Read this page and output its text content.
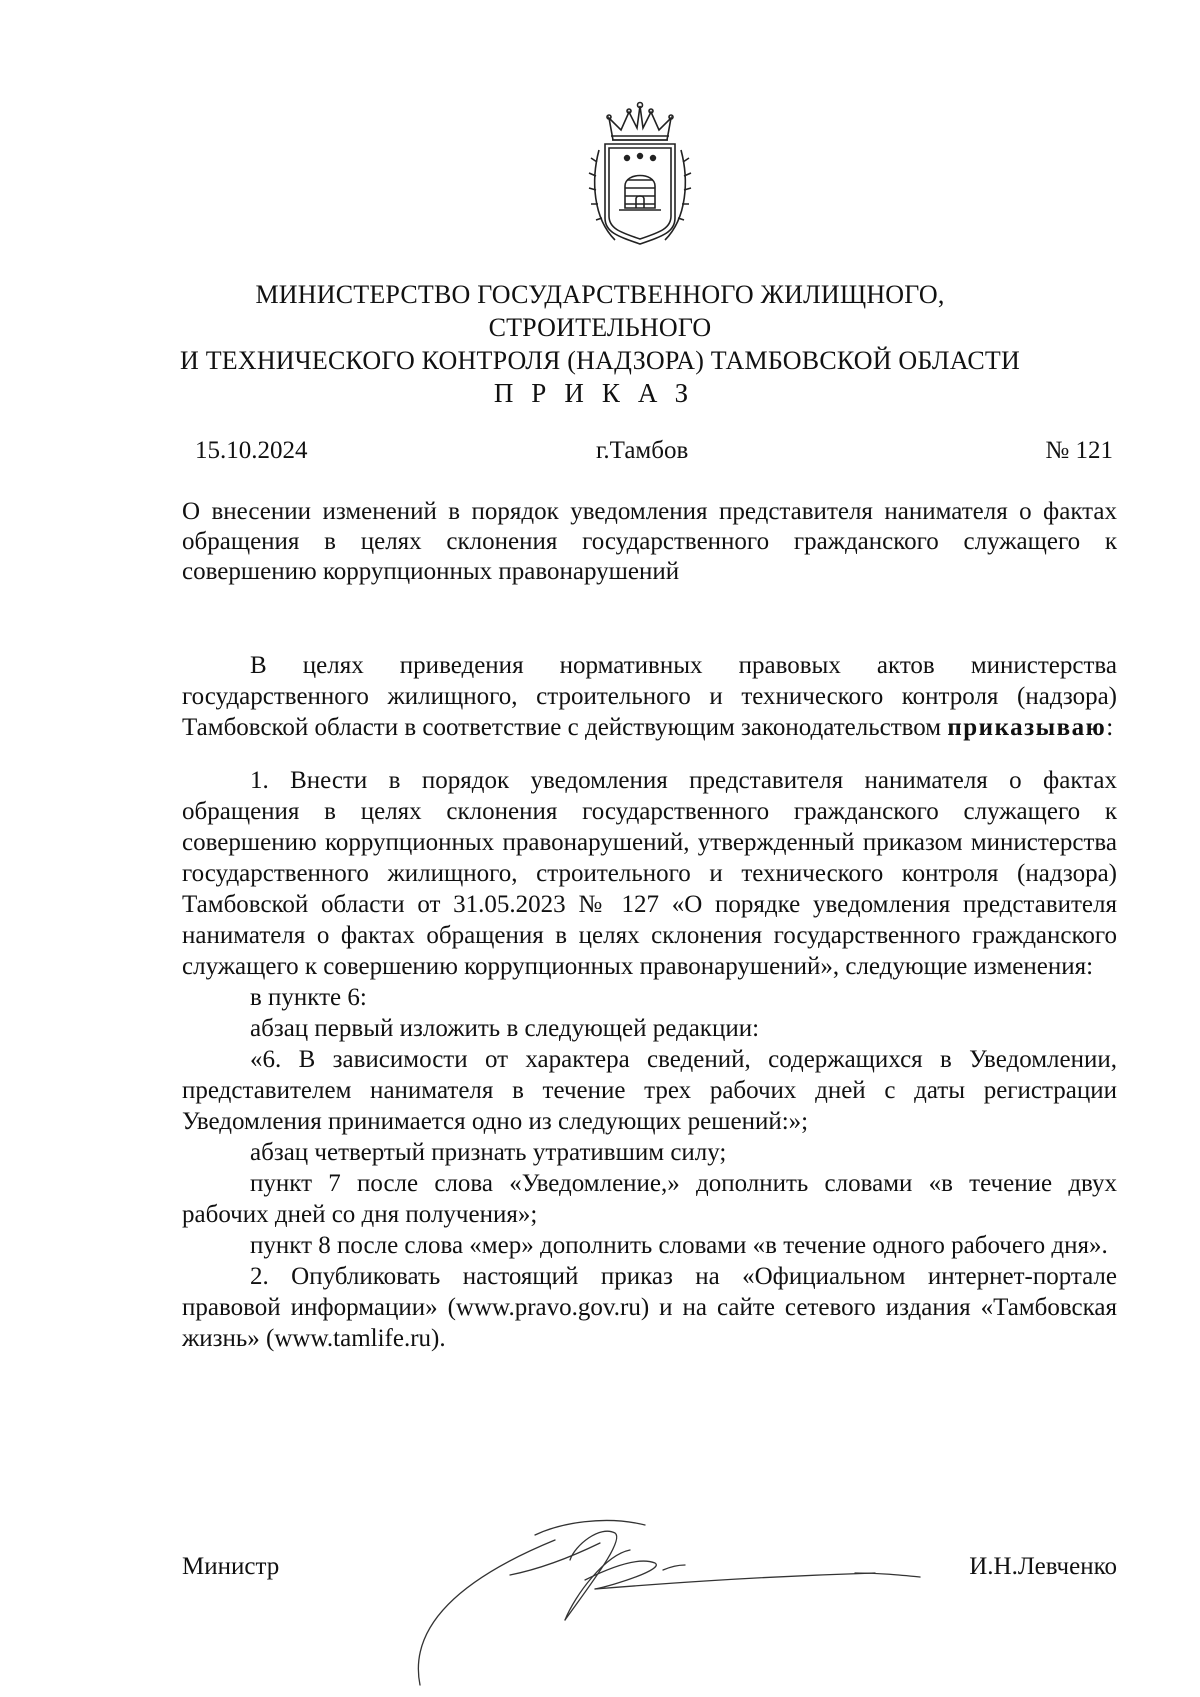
МИНИСТЕРСТВО ГОСУДАРСТВЕННОГО ЖИЛИЩНОГО, СТРОИТЕЛЬНОГО
И ТЕХНИЧЕСКОГО КОНТРОЛЯ (НАДЗОРА) ТАМБОВСКОЙ ОБЛАСТИ
ПРИКАЗ
15.10.2024	г.Тамбов	№ 121
О внесении изменений в порядок уведомления представителя нанимателя о фактах обращения в целях склонения государственного гражданского служащего к совершению коррупционных правонарушений

В целях приведения нормативных правовых актов министерства государственного жилищного, строительного и технического контроля (надзора) Тамбовской области в соответствие с действующим законодательством приказываю:

1. Внести в порядок уведомления представителя нанимателя о фактах обращения в целях склонения государственного гражданского служащего к совершению коррупционных правонарушений, утвержденный приказом министерства государственного жилищного, строительного и технического контроля (надзора) Тамбовской области от 31.05.2023 № 127 «О порядке уведомления представителя нанимателя о фактах обращения в целях склонения государственного гражданского служащего к совершению коррупционных правонарушений», следующие изменения:

в пункте 6:

абзац первый изложить в следующей редакции:

«6. В зависимости от характера сведений, содержащихся в Уведомлении, представителем нанимателя в течение трех рабочих дней с даты регистрации Уведомления принимается одно из следующих решений:»;

абзац четвертый признать утратившим силу;

пункт 7 после слова «Уведомление,» дополнить словами «в течение двух рабочих дней со дня получения»;

пункт 8 после слова «мер» дополнить словами «в течение одного рабочего дня».

2. Опубликовать настоящий приказ на «Официальном интернет-портале правовой информации» (www.pravo.gov.ru) и на сайте сетевого издания «Тамбовская жизнь» (www.tamlife.ru).

Министр	И.Н.Левченко
